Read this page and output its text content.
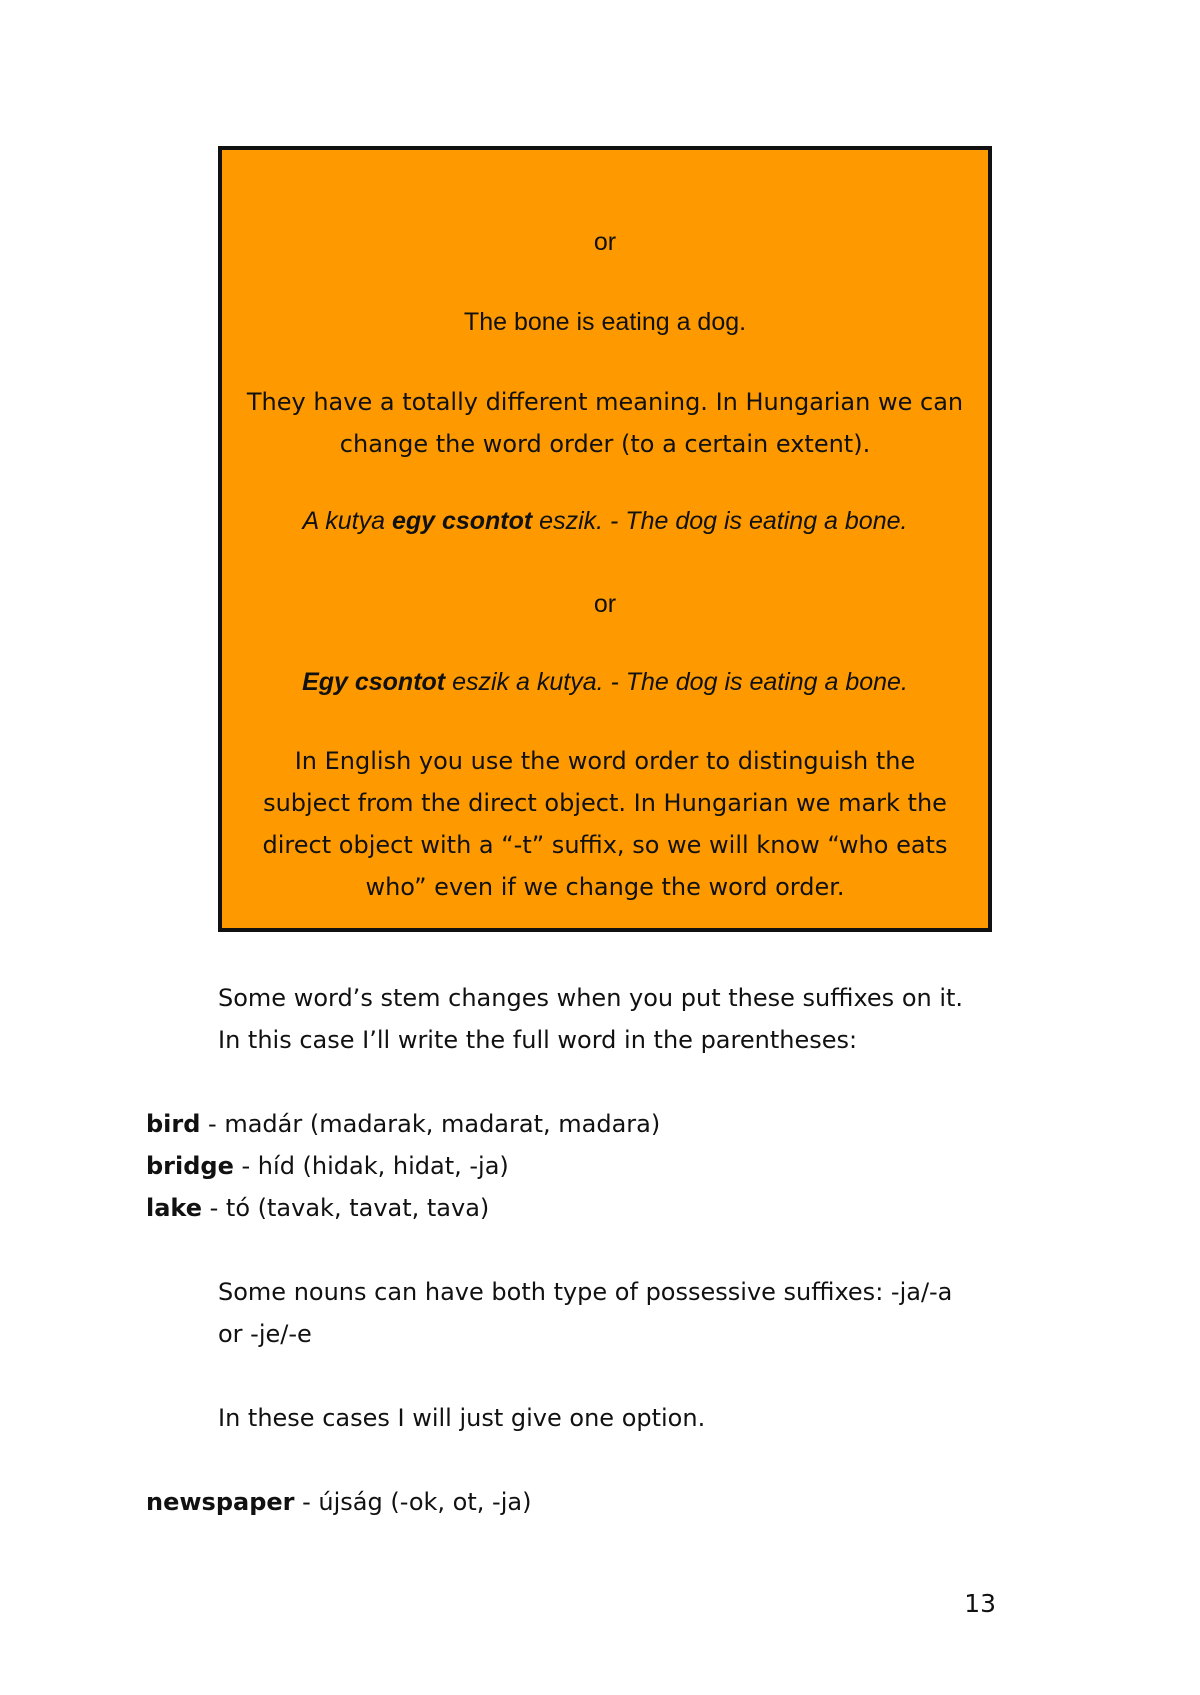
or

The bone is eating a dog.

They have a totally different meaning. In Hungarian we can

change the word order (to a certain extent).

A kutya egy csontot eszik. - The dog is eating a bone.

or

Egy csontot eszik a kutya. - The dog is eating a bone.

In English you use the word order to distinguish the

subject from the direct object. In Hungarian we mark the

direct object with a “-t” suffix, so we will know “who eats

who” even if we change the word order.

Some word’s stem changes when you put these suffixes on it.

In this case I’ll write the full word in the parentheses:

bird - madár (madarak, madarat, madara)

bridge - híd (hidak, hidat, -ja)

lake - tó (tavak, tavat, tava)

Some nouns can have both type of possessive suffixes: -ja/-a

or -je/-e

In these cases I will just give one option.

newspaper - újság (-ok, ot, -ja)

13
